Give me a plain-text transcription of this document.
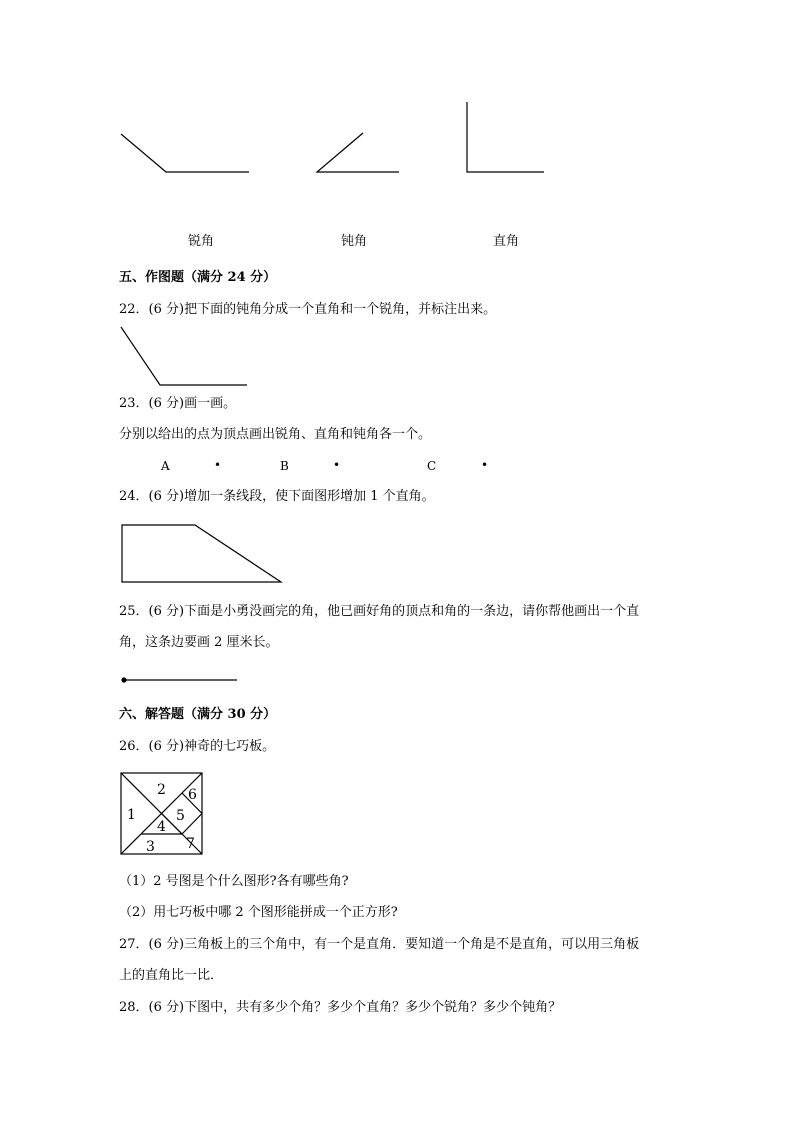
锐角	钝角	直角
五、作图题（满分 24 分）
22．(6 分)把下面的钝角分成一个直角和一个锐角，并标注出来。
23．(6 分)画一画。
分别以给出的点为顶点画出锐角、直角和钝角各一个。
A	•	B	•	C	•
24．(6 分)增加一条线段，使下面图形增加 1 个直角。
25．(6 分)下面是小勇没画完的角，他已画好角的顶点和角的一条边，请你帮他画出一个直
角，这条边要画 2 厘米长。
六、解答题（满分 30 分）
26．(6 分)神奇的七巧板。
1
2
3
4
5
6
7
（1）2 号图是个什么图形?各有哪些角?
（2）用七巧板中哪 2 个图形能拼成一个正方形?
27．(6 分)三角板上的三个角中，有一个是直角．要知道一个角是不是直角，可以用三角板
上的直角比一比．
28．(6 分)下图中，共有多少个角？多少个直角？多少个锐角？多少个钝角？
